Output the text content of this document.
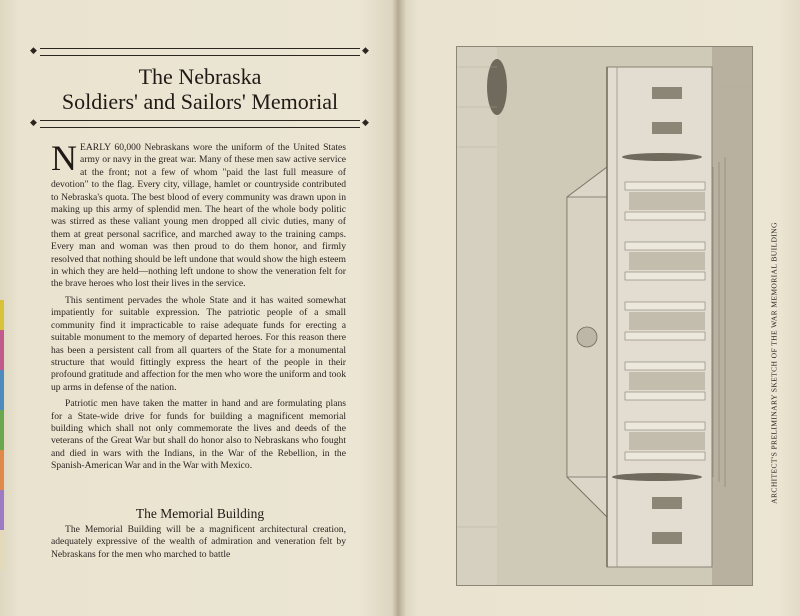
◆	◆
The Nebraska
Soldiers' and Sailors' Memorial
◆	◆

NEARLY 60,000 Nebraskans wore the uniform of the United States army or navy in the great war. Many of these men saw active service at the front; not a few of whom "paid the last full measure of devotion" to the flag. Every city, village, hamlet or countryside contributed to Nebraska's quota. The best blood of every community was drawn upon in making up this army of splendid men. The heart of the whole body politic was stirred as these valiant young men dropped all civic duties, many of them at great personal sacrifice, and marched away to the training camps. Every man and woman was then proud to do them honor, and firmly resolved that nothing should be left undone that would show the high esteem in which they are held—nothing left undone to show the veneration felt for the brave heroes who lost their lives in the service.

This sentiment pervades the whole State and it has waited somewhat impatiently for suitable expression. The patriotic people of a small community find it impracticable to raise adequate funds for erecting a suitable monument to the memory of departed heroes. For this reason there has been a persistent call from all quarters of the State for a monumental structure that would fittingly express the heart of the people in their profound gratitude and affection for the men who wore the uniform and took up arms in defense of the nation.

Patriotic men have taken the matter in hand and are formulating plans for a State-wide drive for funds for building a magnificent memorial building which shall not only commemorate the lives and deeds of the veterans of the Great War but shall do honor also to Nebraskans who fought and died in wars with the Indians, in the War of the Rebellion, in the Spanish-American War and in the War with Mexico.

The Memorial Building

The Memorial Building will be a magnificent architectural creation, adequately expressive of the wealth of admiration and veneration felt by Nebraskans for the men who marched to battle

ARCHITECT'S PRELIMINARY SKETCH OF THE WAR MEMORIAL BUILDING
